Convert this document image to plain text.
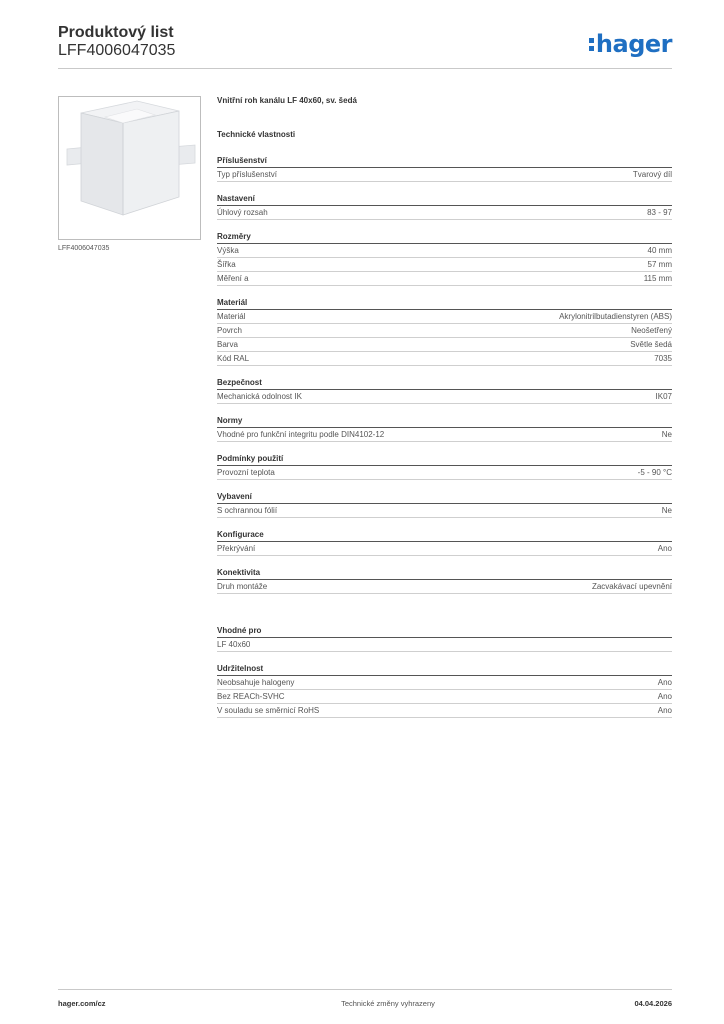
Produktový list
LFF4006047035	hager
LFF4006047035
Vnitřní roh kanálu LF 40x60, sv. šedá
Technické vlastnosti
Příslušenství
Typ příslušenství	Tvarový díl
Nastavení
Úhlový rozsah	83 - 97
Rozměry
Výška	40 mm
Šířka	57 mm
Měření a	115 mm
Materiál
Materiál	Akrylonitrilbutadienstyren (ABS)
Povrch	Neošetřený
Barva	Světle šedá
Kód RAL	7035
Bezpečnost
Mechanická odolnost IK	IK07
Normy
Vhodné pro funkční integritu podle DIN4102-12	Ne
Podmínky použití
Provozní teplota	-5 - 90 °C
Vybavení
S ochrannou fólií	Ne
Konfigurace
Překrývání	Ano
Konektivita
Druh montáže	Zacvakávací upevnění
Vhodné pro
LF 40x60
Udržitelnost
Neobsahuje halogeny	Ano
Bez REACh-SVHC	Ano
V souladu se směrnicí RoHS	Ano
hager.com/cz	Technické změny vyhrazeny	04.04.2026
